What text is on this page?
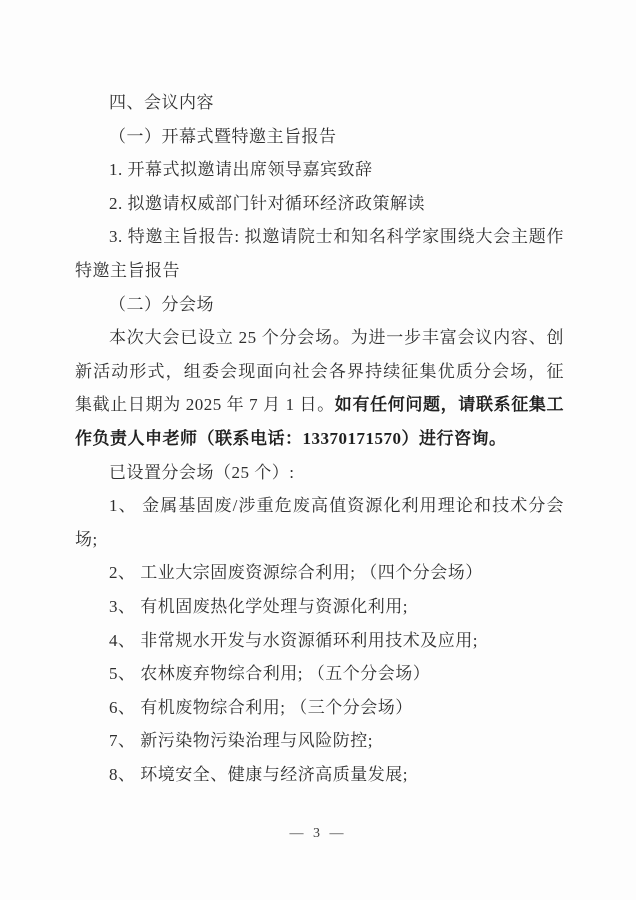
四、会议内容

（一）开幕式暨特邀主旨报告

1. 开幕式拟邀请出席领导嘉宾致辞

2. 拟邀请权威部门针对循环经济政策解读

3. 特邀主旨报告: 拟邀请院士和知名科学家围绕大会主题作特邀主旨报告

（二）分会场

本次大会已设立 25 个分会场。为进一步丰富会议内容、创新活动形式，组委会现面向社会各界持续征集优质分会场，征集截止日期为 2025 年 7 月 1 日。如有任何问题，请联系征集工作负责人申老师（联系电话：13370171570）进行咨询。

已设置分会场（25 个）:

1、 金属基固废/涉重危废高值资源化利用理论和技术分会场;

2、 工业大宗固废资源综合利用; （四个分会场）

3、 有机固废热化学处理与资源化利用;

4、 非常规水开发与水资源循环利用技术及应用;

5、 农林废弃物综合利用; （五个分会场）

6、 有机废物综合利用; （三个分会场）

7、 新污染物污染治理与风险防控;

8、 环境安全、健康与经济高质量发展;

— 3 —
